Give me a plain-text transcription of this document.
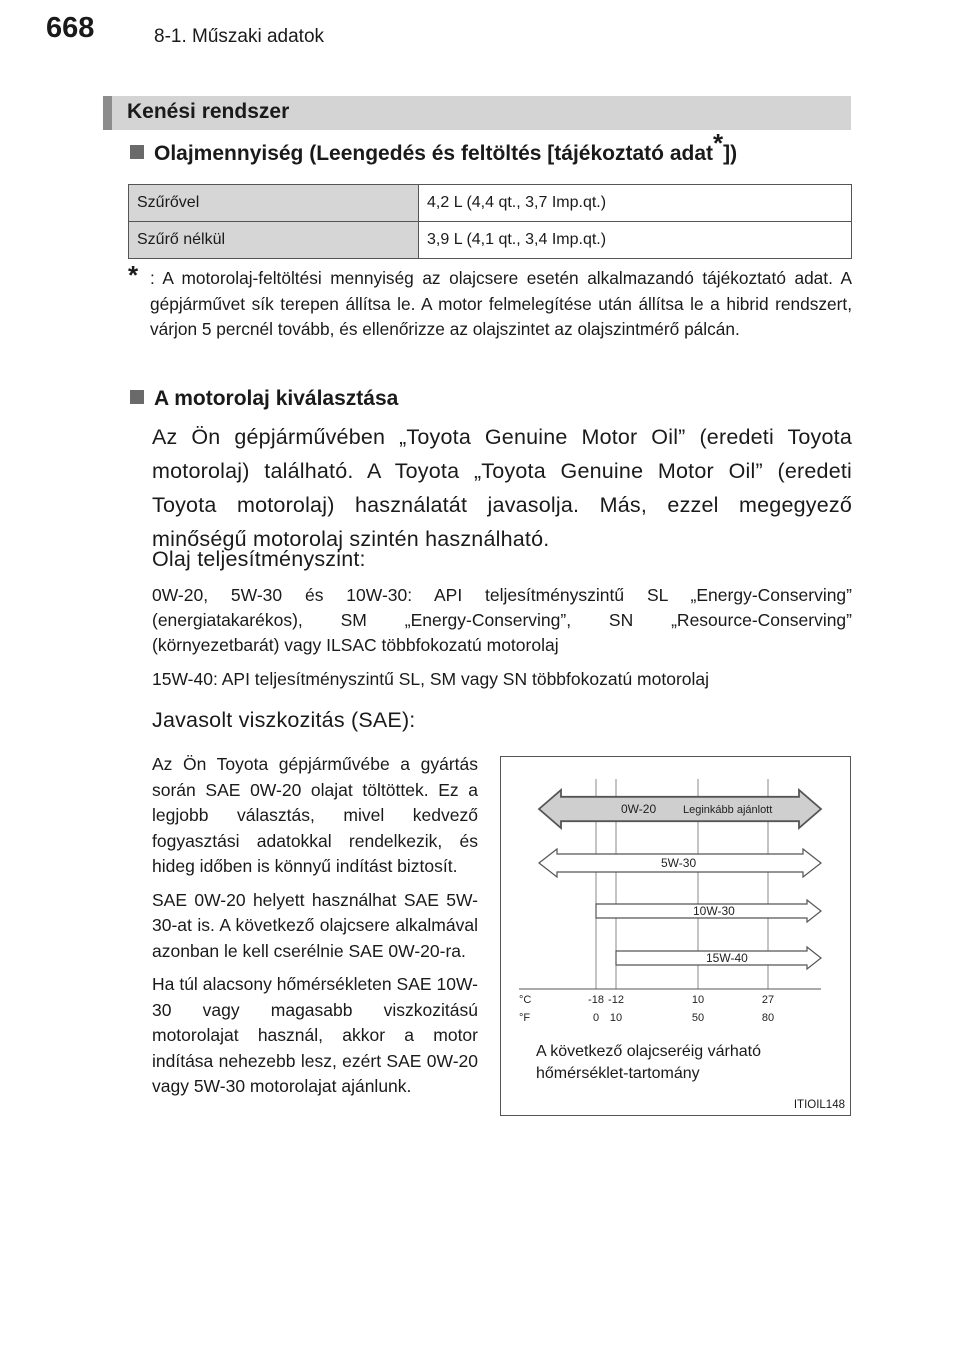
668	8-1. Műszaki adatok
Kenési rendszer
Olajmennyiség (Leengedés és feltöltés [tájékoztató adat*])
Szűrővel	4,2 L (4,4 qt., 3,7 Imp.qt.)
Szűrő nélkül	3,9 L (4,1 qt., 3,4 Imp.qt.)
* : A motorolaj-feltöltési mennyiség az olajcsere esetén alkalmazandó tájékoztató adat. A gépjárművet sík terepen állítsa le. A motor felmelegítése után állítsa le a hibrid rendszert, várjon 5 percnél tovább, és ellenőrizze az olajszintet az olajszintmérő pálcán.
A motorolaj kiválasztása
Az Ön gépjárművében „Toyota Genuine Motor Oil” (eredeti Toyota motorolaj) található. A Toyota „Toyota Genuine Motor Oil” (eredeti Toyota motorolaj) használatát javasolja. Más, ezzel megegyező minőségű motorolaj szintén használható.
Olaj teljesítményszint:
0W-20, 5W-30 és 10W-30: API teljesítményszintű SL „Energy-Conserving” (energiatakarékos), SM „Energy-Conserving”, SN „Resource-Conserving” (környezetbarát) vagy ILSAC többfokozatú motorolaj
15W-40: API teljesítményszintű SL, SM vagy SN többfokozatú motorolaj
Javasolt viszkozitás (SAE):

Az Ön Toyota gépjárművébe a gyártás során SAE 0W-20 olajat töltöttek. Ez a legjobb választás, mivel kedvező fogyasztási adatokkal rendelkezik, és hideg időben is könnyű indítást biztosít.

SAE 0W-20 helyett használhat SAE 5W-30-at is. A következő olajcsere alkalmával azonban le kell cserélnie SAE 0W-20-ra.

Ha túl alacsony hőmérsékleten SAE 10W-30 vagy magasabb viszkozitású motorolajat használ, akkor a motor indítása nehezebb lesz, ezért SAE 0W-20 vagy 5W-30 motorolajat ajánlunk.

0W-20 Leginkább ajánlott
5W-30
10W-30
15W-40
°C
°F
-18 -12	10	27
0 10	50	80
A következő olajcseréig várható hőmérséklet-tartomány
ITIOIL148
